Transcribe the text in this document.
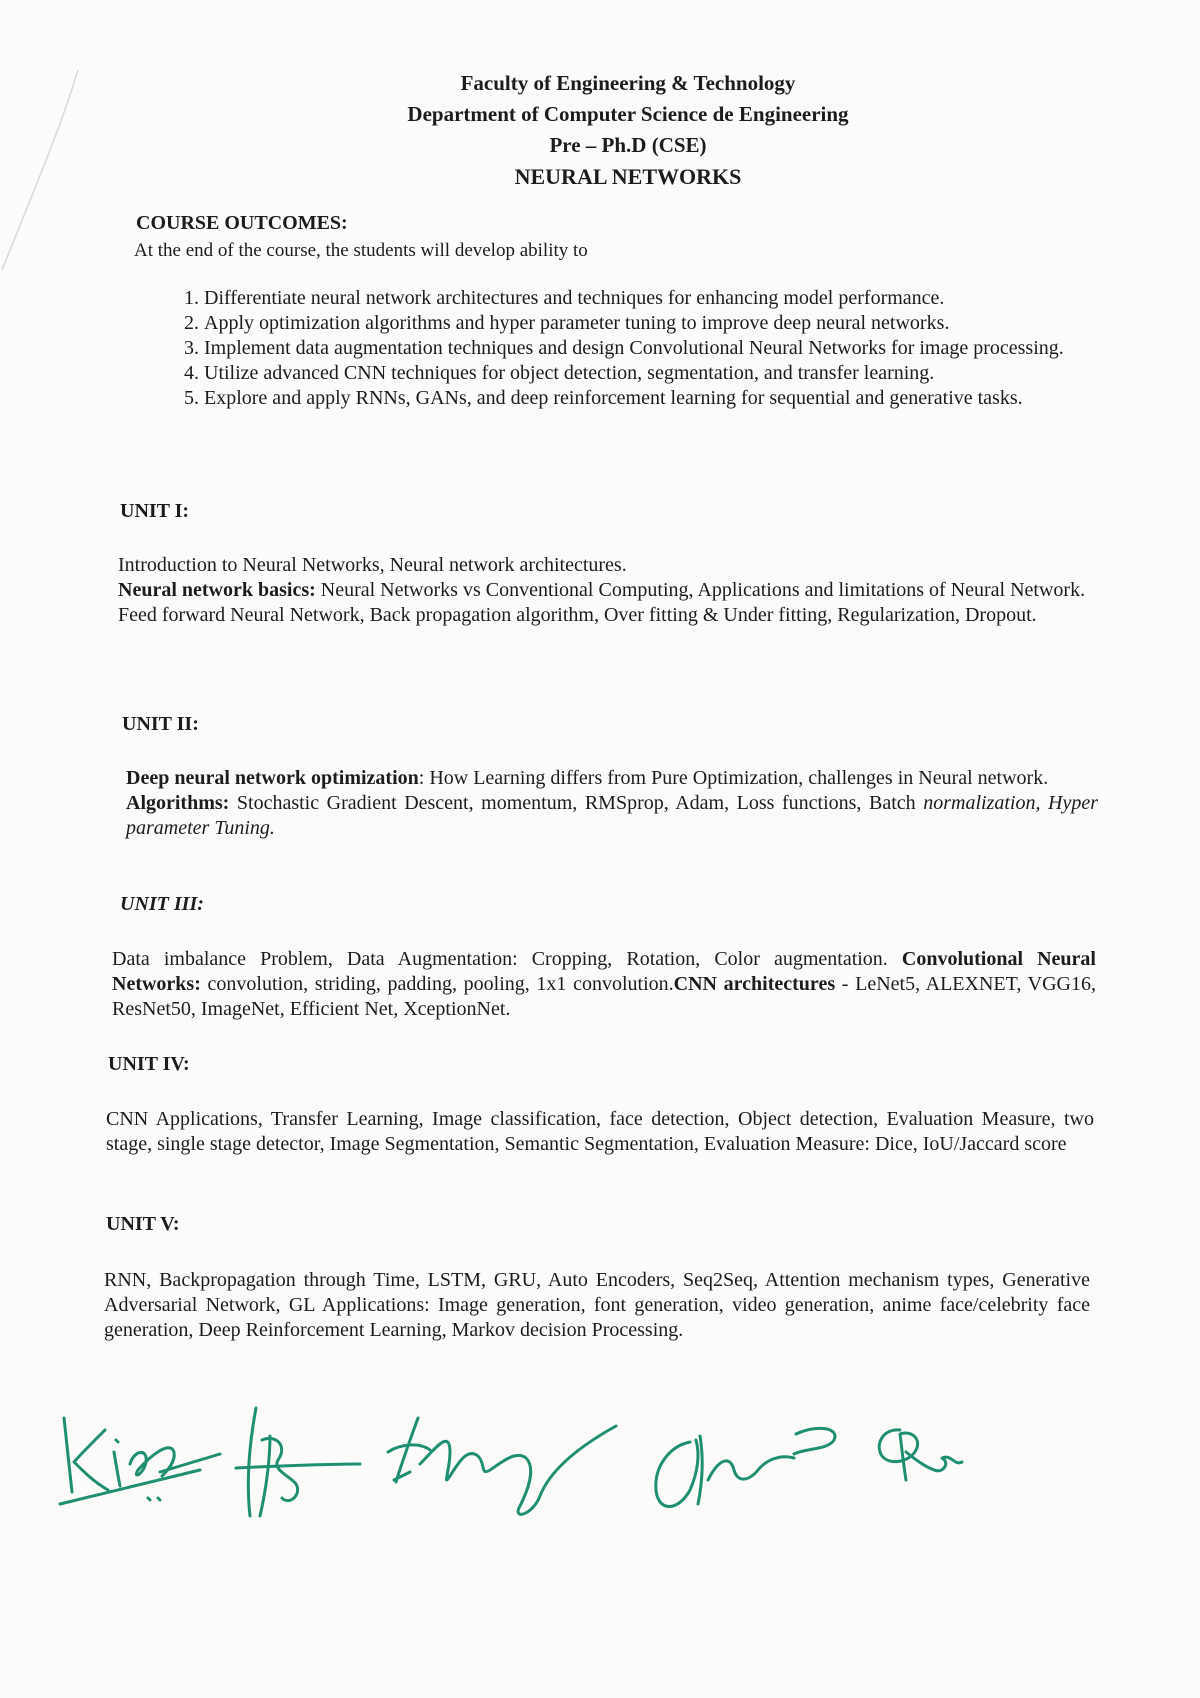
Faculty of Engineering & Technology
Department of Computer Science de Engineering
Pre – Ph.D (CSE)
NEURAL NETWORKS
COURSE OUTCOMES:
At the end of the course, the students will develop ability to
1. Differentiate neural network architectures and techniques for enhancing model performance.
2. Apply optimization algorithms and hyper parameter tuning to improve deep neural networks.
3. Implement data augmentation techniques and design Convolutional Neural Networks for image processing.
4. Utilize advanced CNN techniques for object detection, segmentation, and transfer learning.
5. Explore and apply RNNs, GANs, and deep reinforcement learning for sequential and generative tasks.
UNIT I:

Introduction to Neural Networks, Neural network architectures.

Neural network basics: Neural Networks vs Conventional Computing, Applications and limitations of Neural Network.

Feed forward Neural Network, Back propagation algorithm, Over fitting & Under fitting, Regularization, Dropout.

UNIT II:

Deep neural network optimization: How Learning differs from Pure Optimization, challenges in Neural network.

Algorithms: Stochastic Gradient Descent, momentum, RMSprop, Adam, Loss functions, Batch normalization, Hyper parameter Tuning.

UNIT III:

Data imbalance Problem, Data Augmentation: Cropping, Rotation, Color augmentation. Convolutional Neural Networks: convolution, striding, padding, pooling, 1x1 convolution.CNN architectures - LeNet5, ALEXNET, VGG16, ResNet50, ImageNet, Efficient Net, XceptionNet.

UNIT IV:

CNN Applications, Transfer Learning, Image classification, face detection, Object detection, Evaluation Measure, two stage, single stage detector, Image Segmentation, Semantic Segmentation, Evaluation Measure: Dice, IoU/Jaccard score

UNIT V:

RNN, Backpropagation through Time, LSTM, GRU, Auto Encoders, Seq2Seq, Attention mechanism types, Generative Adversarial Network, GL Applications: Image generation, font generation, video generation, anime face/celebrity face generation, Deep Reinforcement Learning, Markov decision Processing.
